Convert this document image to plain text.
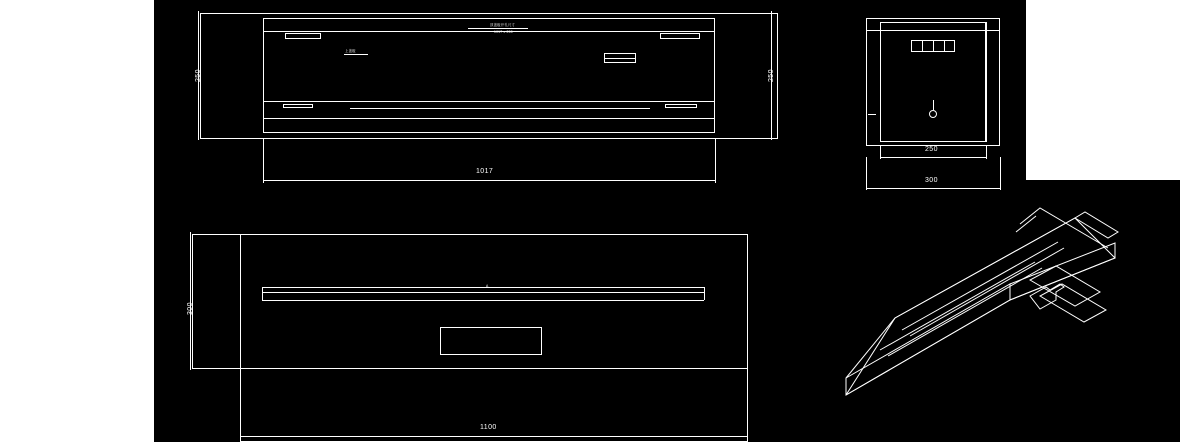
顶盖板开孔尺寸
1017 x 250
上盖板
250	250
1017
250
300
A
300
1100
